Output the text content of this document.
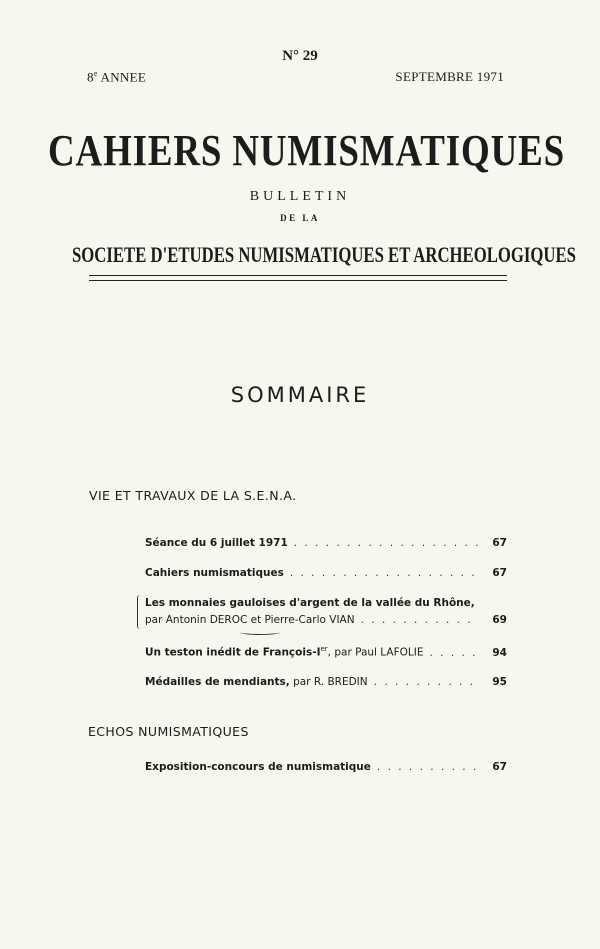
N° 29
8e ANNEE	SEPTEMBRE 1971
CAHIERS NUMISMATIQUES
BULLETIN
DE LA
SOCIETE D'ETUDES NUMISMATIQUES ET ARCHEOLOGIQUES
SOMMAIRE
VIE ET TRAVAUX DE LA S.E.N.A.
Séance du 6 juillet 1971 . . .	67
Cahiers numismatiques . . .	67
Les monnaies gauloises d'argent de la vallée du Rhône,
par Antonin DEROC et Pierre-Carlo VIAN . . .	69
Un teston inédit de François-Ier, par Paul LAFOLIE . . .	94
Médailles de mendiants, par R. BREDIN . . .	95
ECHOS NUMISMATIQUES
Exposition-concours de numismatique . . .	67
